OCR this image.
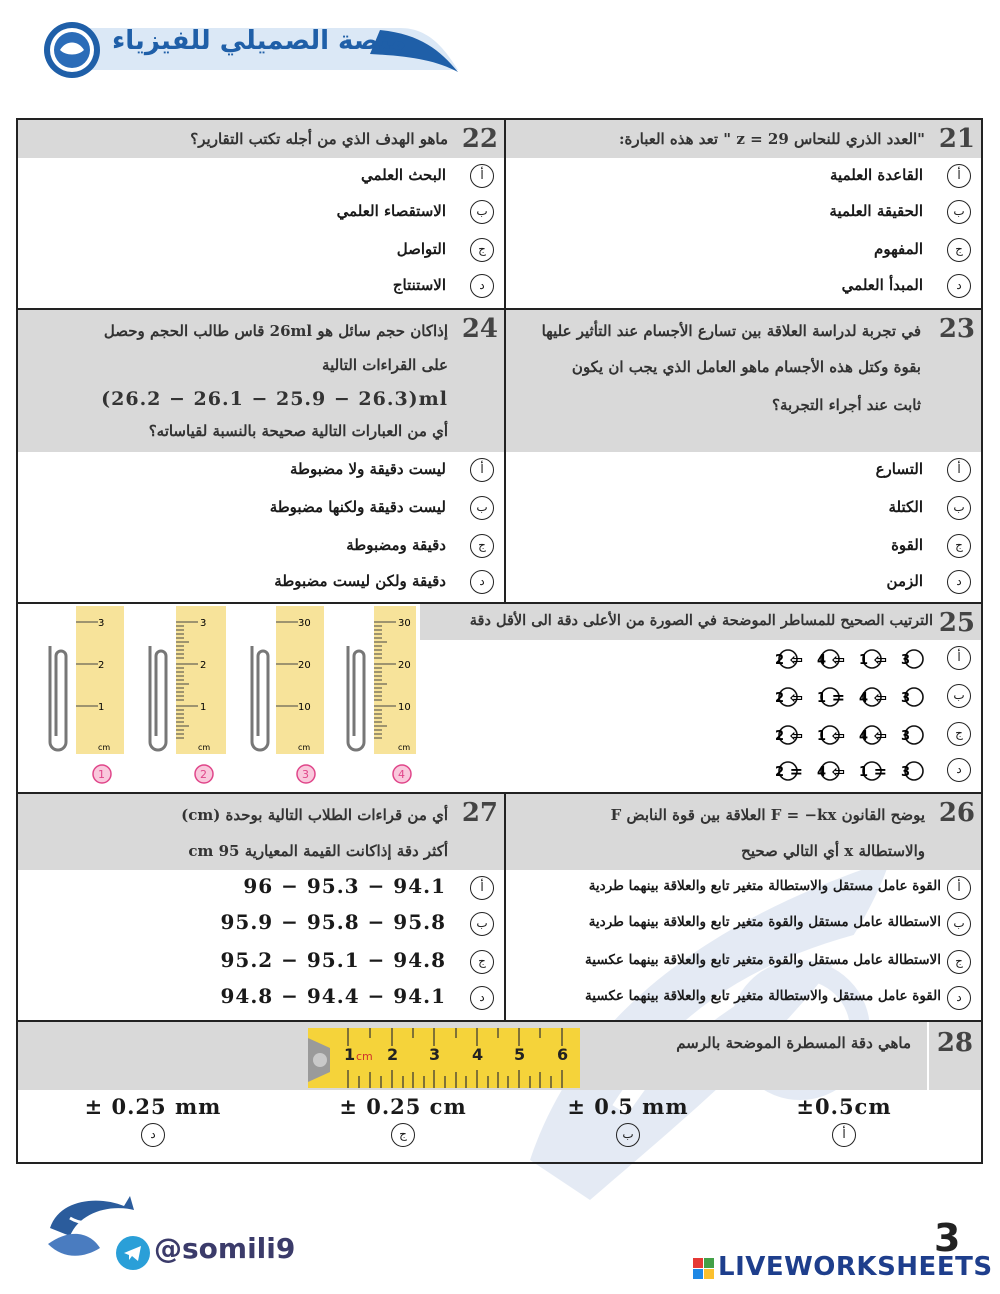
منصة الصميلي للفيزياء
21
"العدد الذري للنحاس 29 = z " تعد هذه العبارة:
أ
القاعدة العلمية
ب
الحقيقة العلمية
ج
المفهوم
د
المبدأ العلمي
22
ماهو الهدف الذي من أجله تكتب التقارير؟
أ
البحث العلمي
ب
الاستقصاء العلمي
ج
التواصل
د
الاستنتاج
23
في تجربة لدراسة العلاقة بين تسارع الأجسام عند التأثير عليها
بقوة وكتل هذه الأجسام ماهو العامل الذي يجب ان يكون
ثابت عند أجراء التجربة؟
أ
التسارع
ب
الكتلة
ج
القوة
د
الزمن
24
إذاكان حجم سائل هو 26ml قاس طالب الحجم وحصل
على القراءات التالية
(26.2 − 26.1 − 25.9 − 26.3)ml
أي من العبارات التالية صحيحة بالنسبة لقياساته؟
أ
ليست دقيقة ولا مضبوطة
ب
ليست دقيقة ولكنها مضبوطة
ج
دقيقة ومضبوطة
د
دقيقة ولكن ليست مضبوطة
25
الترتيب الصحيح للمساطر الموضحة في الصورة من الأعلى دقة الى الأقل دقة
30
20
10
cm
4
30
20
10
cm
3
3
2
1
cm
2
3
2
1
cm
1
أ
2 ⇦ 4 ⇦ 1 ⇦ 3
ب
2 ⇦ 1 = 4 ⇦ 3
ج
2 ⇦ 1 ⇦ 4 ⇦ 3
د
2 = 4 ⇦ 1 = 3
26
يوضح القانون F = −kx العلاقة بين قوة النابض F
والاستطالة x أي التالي صحيح
أ
القوة عامل مستقل والاستطالة متغير تابع والعلاقة بينهما طردية
ب
الاستطالة عامل مستقل والقوة متغير تابع والعلاقة بينهما طردية
ج
الاستطالة عامل مستقل والقوة متغير تابع والعلاقة بينهما عكسية
د
القوة عامل مستقل والاستطالة متغير تابع والعلاقة بينهما عكسية
27
أي من قراءات الطلاب التالية بوحدة (cm)
أكثر دقة إذاكانت القيمة المعيارية 95 cm
أ
96 − 95.3 − 94.1
ب
95.9 − 95.8 − 95.8
ج
95.2 − 95.1 − 94.8
د
94.8 − 94.4 − 94.1
28
ماهي دقة المسطرة الموضحة بالرسم
1 cm 2 3 4 5 6
±0.5cm
أ
± 0.5 mm
ب
± 0.25 cm
ج
± 0.25 mm
د
@somili9	3
LIVEWORKSHEETS
